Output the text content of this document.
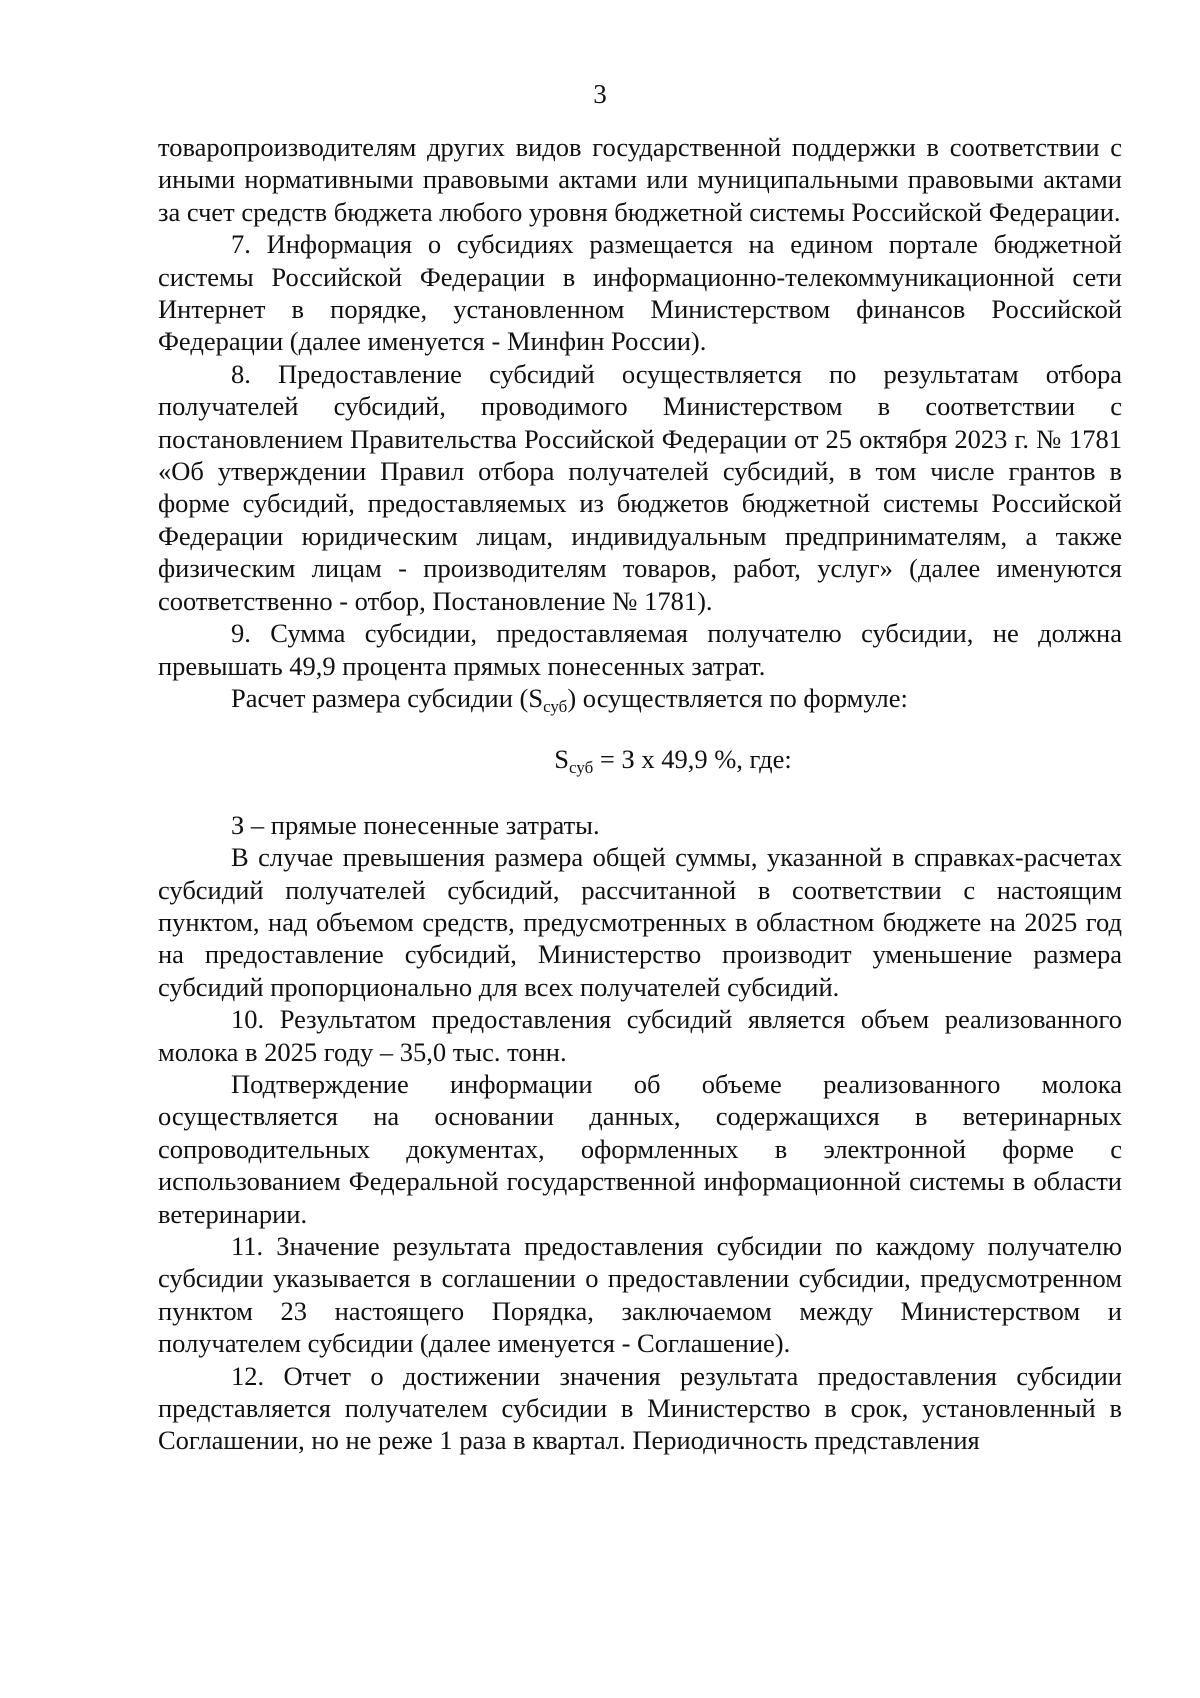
3

товаропроизводителям других видов государственной поддержки в соответствии с иными нормативными правовыми актами или муниципальными правовыми актами за счет средств бюджета любого уровня бюджетной системы Российской Федерации.

7. Информация о субсидиях размещается на едином портале бюджетной системы Российской Федерации в информационно-телекоммуникационной сети Интернет в порядке, установленном Министерством финансов Российской Федерации (далее именуется - Минфин России).

8. Предоставление субсидий осуществляется по результатам отбора получателей субсидий, проводимого Министерством в соответствии с постановлением Правительства Российской Федерации от 25 октября 2023 г. № 1781 «Об утверждении Правил отбора получателей субсидий, в том числе грантов в форме субсидий, предоставляемых из бюджетов бюджетной системы Российской Федерации юридическим лицам, индивидуальным предпринимателям, а также физическим лицам - производителям товаров, работ, услуг» (далее именуются соответственно - отбор, Постановление № 1781).

9. Сумма субсидии, предоставляемая получателю субсидии, не должна превышать 49,9 процента прямых понесенных затрат.

Расчет размера субсидии $(S_{суб})$ осуществляется по формуле:

$S_{суб} = З$ х 49,9 %, где:

З – прямые понесенные затраты.

В случае превышения размера общей суммы, указанной в справках-расчетах субсидий получателей субсидий, рассчитанной в соответствии с настоящим пунктом, над объемом средств, предусмотренных в областном бюджете на 2025 год на предоставление субсидий, Министерство производит уменьшение размера субсидий пропорционально для всех получателей субсидий.

10. Результатом предоставления субсидий является объем реализованного молока в 2025 году – 35,0 тыс. тонн.

Подтверждение информации об объеме реализованного молока осуществляется на основании данных, содержащихся в ветеринарных сопроводительных документах, оформленных в электронной форме с использованием Федеральной государственной информационной системы в области ветеринарии.

11. Значение результата предоставления субсидии по каждому получателю субсидии указывается в соглашении о предоставлении субсидии, предусмотренном пунктом 23 настоящего Порядка, заключаемом между Министерством и получателем субсидии (далее именуется - Соглашение).

12. Отчет о достижении значения результата предоставления субсидии представляется получателем субсидии в Министерство в срок, установленный в Соглашении, но не реже 1 раза в квартал. Периодичность представления
